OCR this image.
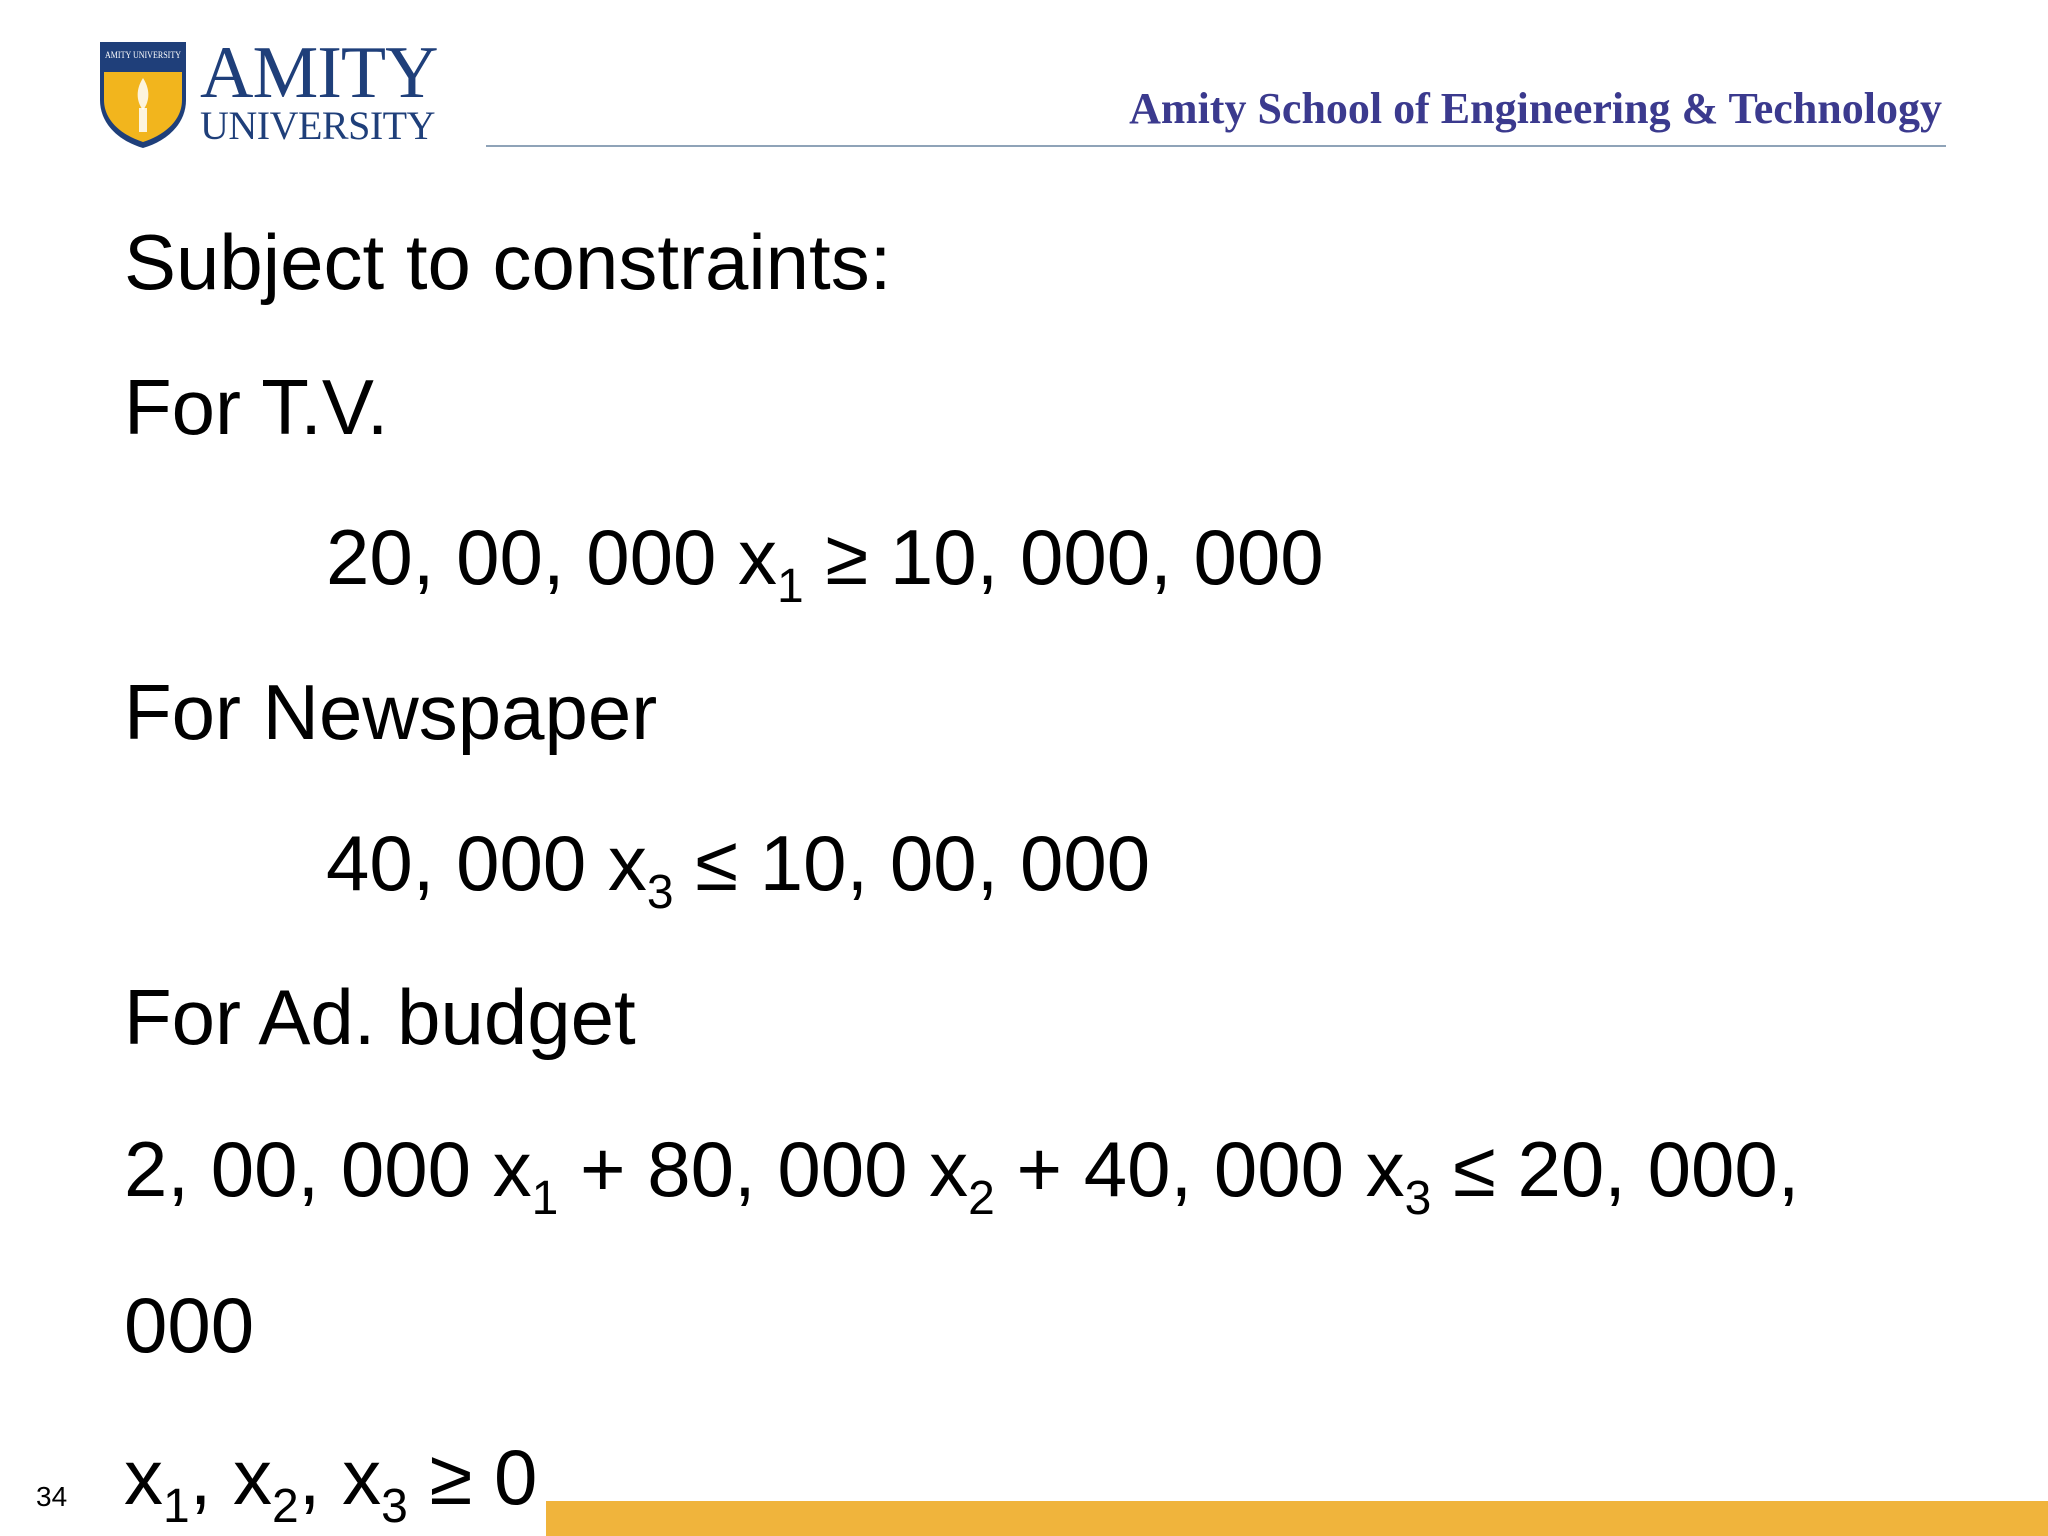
AMITY UNIVERSITY AMITY
UNIVERSITY	Amity School of Engineering & Technology
Subject to constraints:
For T.V.
20, 00, 000 $x_1 \ge 10$, 000, 000
For Newspaper
40, 000 $x_3 \le 10$, 00, 000
For Ad. budget
2, 00, 000 $x_1 + 80$, 000 $x_2 + 40$, 000 $x_3 \le 20$, 000,
000
$x_1$, $x_2$, $x_3 \ge 0$
34
